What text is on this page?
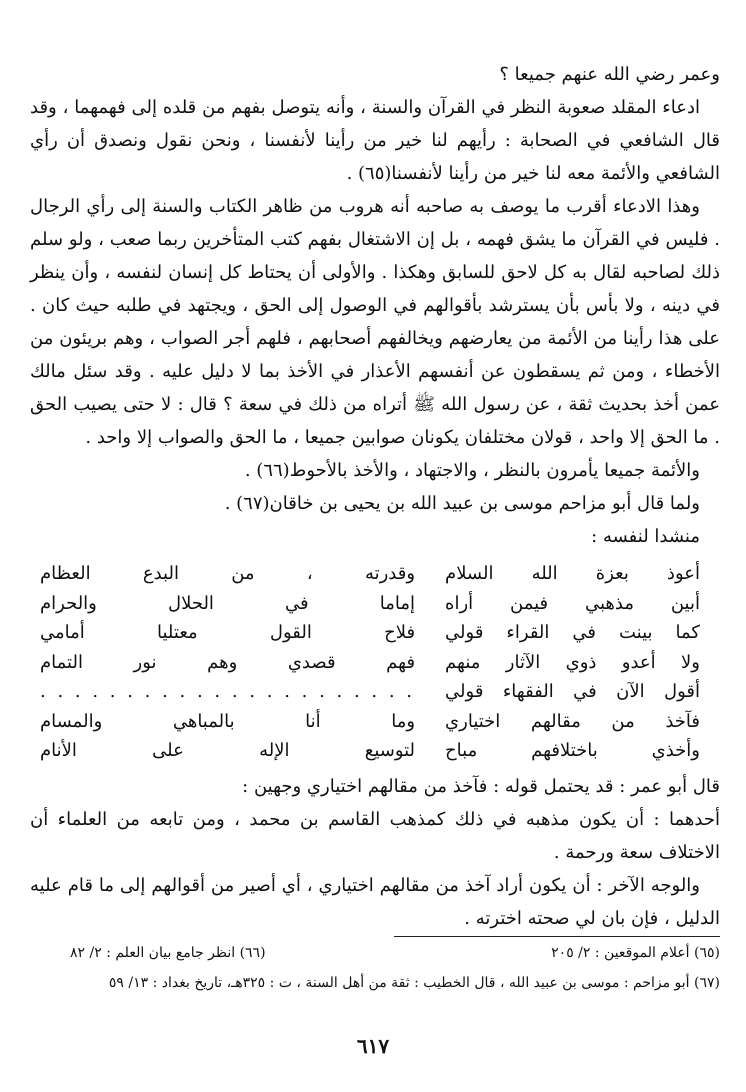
وعمر رضي الله عنهم جميعا ؟

ادعاء المقلد صعوبة النظر في القرآن والسنة ، وأنه يتوصل بفهم من قلده إلى فهمهما ، وقد قال الشافعي في الصحابة : رأيهم لنا خير من رأينا لأنفسنا ، ونحن نقول ونصدق أن رأي الشافعي والأئمة معه لنا خير من رأينا لأنفسنا(٦٥) .

وهذا الادعاء أقرب ما يوصف به صاحبه أنه هروب من ظاهر الكتاب والسنة إلى رأي الرجال . فليس في القرآن ما يشق فهمه ، بل إن الاشتغال بفهم كتب المتأخرين ربما صعب ، ولو سلم ذلك لصاحبه لقال به كل لاحق للسابق وهكذا . والأولى أن يحتاط كل إنسان لنفسه ، وأن ينظر في دينه ، ولا بأس بأن يسترشد بأقوالهم في الوصول إلى الحق ، ويجتهد في طلبه حيث كان . على هذا رأينا من الأئمة من يعارضهم ويخالفهم أصحابهم ، فلهم أجر الصواب ، وهم بريئون من الأخطاء ، ومن ثم يسقطون عن أنفسهم الأعذار في الأخذ بما لا دليل عليه . وقد سئل مالك عمن أخذ بحديث ثقة ، عن رسول الله ﷺ أتراه من ذلك في سعة ؟ قال : لا حتى يصيب الحق . ما الحق إلا واحد ، قولان مختلفان يكونان صوابين جميعا ، ما الحق والصواب إلا واحد .

والأئمة جميعا يأمرون بالنظر ، والاجتهاد ، والأخذ بالأحوط(٦٦) .

ولما قال أبو مزاحم موسى بن عبيد الله بن يحيى بن خاقان(٦٧) .

منشدا لنفسه :

أعوذ بعزة الله السلام
أبين مذهبي فيمن أراه
كما بينت في القراء قولي
ولا أعدو ذوي الآثار منهم
أقول الآن في الفقهاء قولي
فآخذ من مقالهم اختياري
وأخذي باختلافهم مباح
وقدرته ، من البدع العظام
إماما في الحلال والحرام
فلاح القول معتليا أمامي
فهم قصدي وهم نور التمام
. . . . . . . . . . . . . . . . . . . . . .
وما أنا بالمباهي والمسام
لتوسيع الإله على الأنام

قال أبو عمر : قد يحتمل قوله : فآخذ من مقالهم اختياري وجهين :

أحدهما : أن يكون مذهبه في ذلك كمذهب القاسم بن محمد ، ومن تابعه من العلماء أن الاختلاف سعة ورحمة .

والوجه الآخر : أن يكون أراد آخذ من مقالهم اختياري ، أي أصير من أقوالهم إلى ما قام عليه الدليل ، فإن بان لي صحته اخترته .

(٦٥) أعلام الموقعين : ٢/ ٢٠٥
(٦٦) انظر جامع بيان العلم : ٢/ ٨٢
(٦٧) أبو مزاحم : موسى بن عبيد الله ، قال الخطيب : ثقة من أهل السنة ، ت : ٣٢٥هـ، تاريخ بغداد : ١٣/ ٥٩
٦١٧
